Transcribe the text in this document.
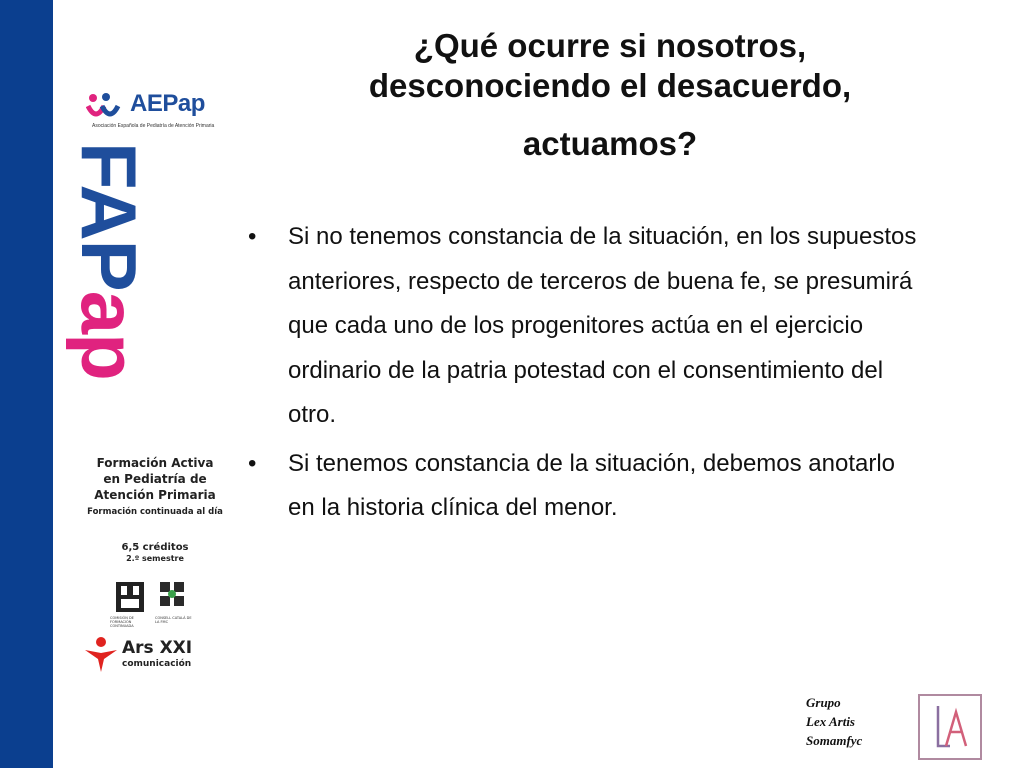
AEPap
Asociación Española de Pediatría de Atención Primaria
FAPap
Formación Activa
en Pediatría de
Atención Primaria
Formación continuada al día
6,5 créditos
2.º semestre
COMISIÓN DE FORMACIÓN CONTINUADA
CONSELL CATALÀ DE LA FMC
Ars XXI
comunicación
¿Qué ocurre si nosotros,
desconociendo el desacuerdo,
actuamos?
• Si no tenemos constancia de la situación, en los supuestos anteriores, respecto de terceros de buena fe, se presumirá que cada uno de los progenitores actúa en el ejercicio ordinario de la patria potestad con el consentimiento del otro.
• Si tenemos constancia de la situación, debemos anotarlo en la historia clínica del menor.
Grupo
Lex Artis
Somamfyc
